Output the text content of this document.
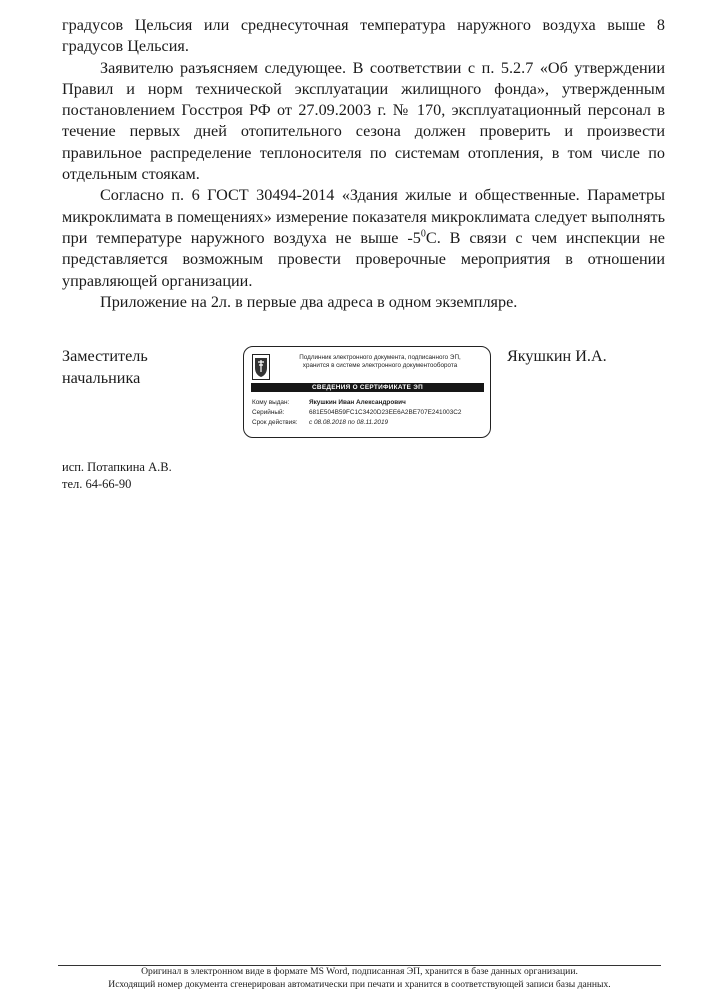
градусов Цельсия или среднесуточная температура наружного воздуха выше 8 градусов Цельсия.

Заявителю разъясняем следующее. В соответствии с п. 5.2.7 «Об утверждении Правил и норм технической эксплуатации жилищного фонда», утвержденным постановлением Госстроя РФ от 27.09.2003 г. № 170, эксплуатационный персонал в течение первых дней отопительного сезона должен проверить и произвести правильное распределение теплоносителя по системам отопления, в том числе по отдельным стоякам.

Согласно п. 6 ГОСТ 30494-2014 «Здания жилые и общественные. Параметры микроклимата в помещениях» измерение показателя микроклимата следует выполнять при температуре наружного воздуха не выше $-5^0С$. В связи с чем инспекции не представляется возможным провести проверочные мероприятия в отношении управляющей организации.

Приложение на 2л. в первые два адреса в одном экземпляре.

Заместитель
начальника
Подлинник электронного документа, подписанного ЭП,
хранится в системе электронного документооборота
СВЕДЕНИЯ О СЕРТИФИКАТЕ ЭП
Кому выдан:	Якушкин Иван Александрович
Серийный:	681E504B59FC1C3420D23EE6A2BE707E241003C2
Срок действия: с 08.08.2018 по 08.11.2019
Якушкин И.А.
исп. Потапкина А.В.
тел. 64-66-90
Оригинал в электронном виде в формате MS Word, подписанная ЭП, хранится в базе данных организации.
Исходящий номер документа сгенерирован автоматически при печати и хранится в соответствующей записи базы данных.
